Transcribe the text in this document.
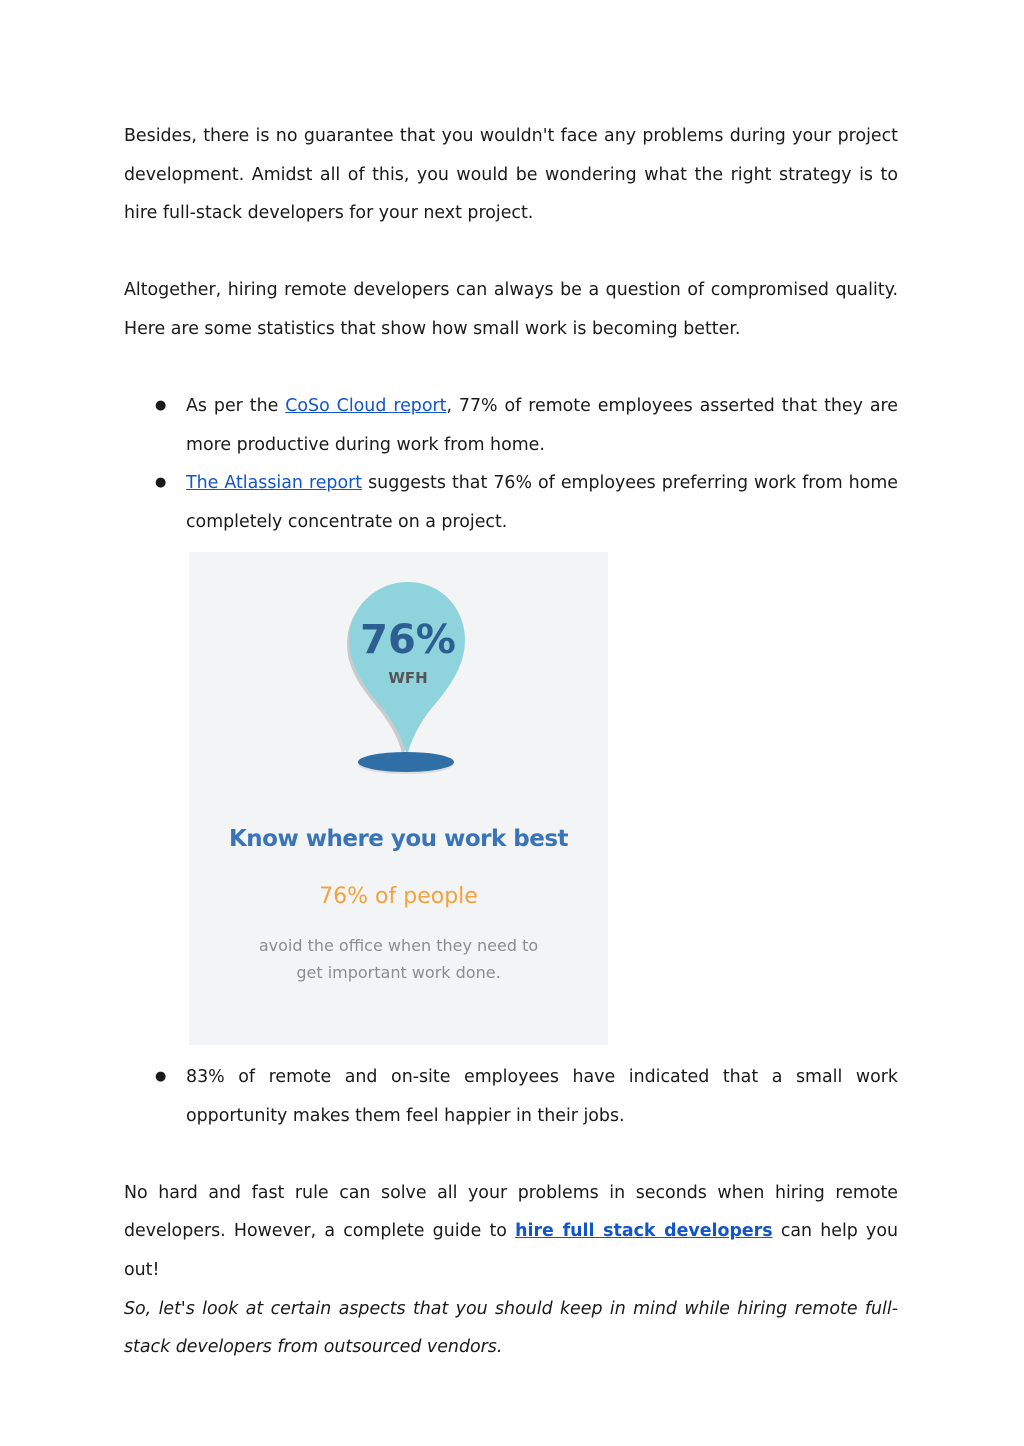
Besides, there is no guarantee that you wouldn't face any problems during your project development. Amidst all of this, you would be wondering what the right strategy is to hire full-stack developers for your next project.

Altogether, hiring remote developers can always be a question of compromised quality. Here are some statistics that show how small work is becoming better.

● As per the CoSo Cloud report, 77% of remote employees asserted that they are more productive during work from home.
● The Atlassian report suggests that 76% of employees preferring work from home completely concentrate on a project.
76%
WFH
Know where you work best
76% of people
avoid the office when they need to
get important work done.
● 83% of remote and on-site employees have indicated that a small work opportunity makes them feel happier in their jobs.

No hard and fast rule can solve all your problems in seconds when hiring remote developers. However, a complete guide to hire full stack developers can help you out!

So, let's look at certain aspects that you should keep in mind while hiring remote full-stack developers from outsourced vendors.
